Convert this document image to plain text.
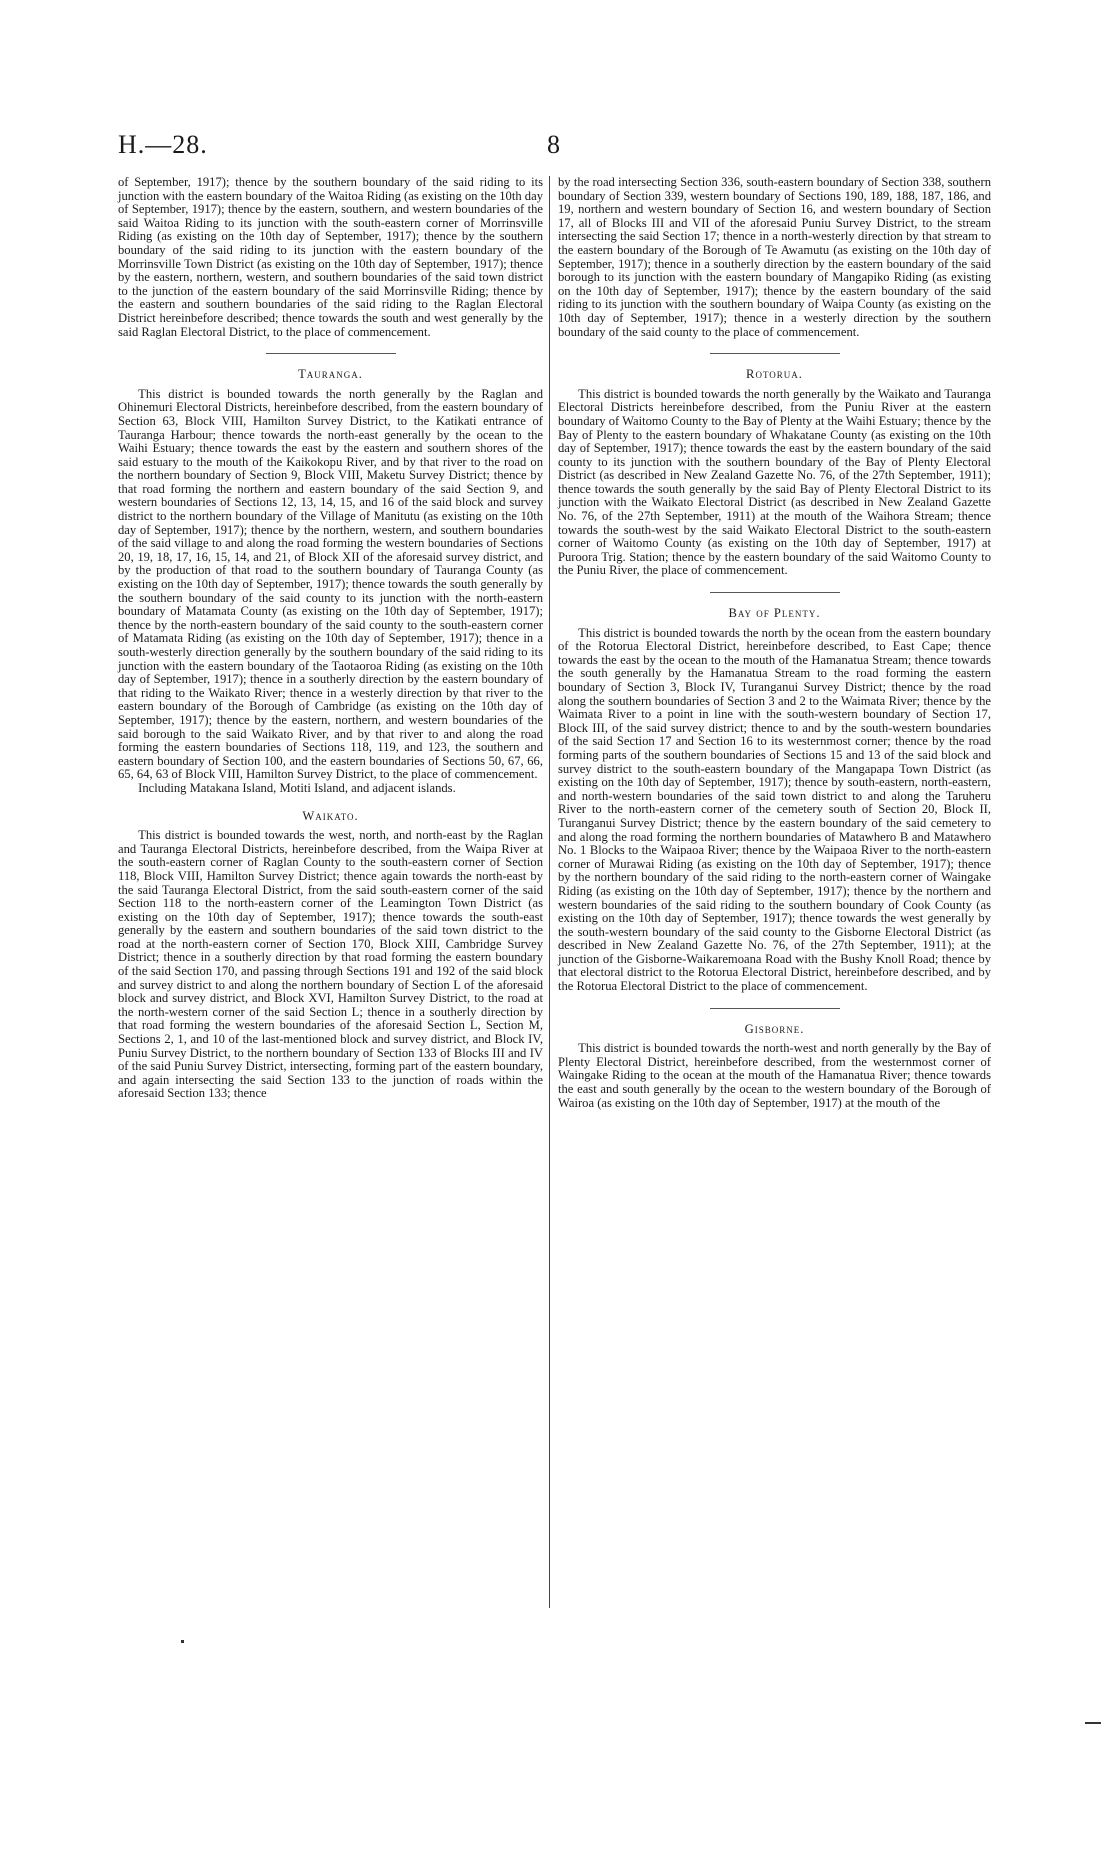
H.—28.	8

of September, 1917); thence by the southern boundary of the said riding to its junction with the eastern boundary of the Waitoa Riding (as existing on the 10th day of September, 1917); thence by the eastern, southern, and western boundaries of the said Waitoa Riding to its junction with the south-eastern corner of Morrinsville Riding (as existing on the 10th day of September, 1917); thence by the southern boundary of the said riding to its junction with the eastern boundary of the Morrinsville Town District (as existing on the 10th day of September, 1917); thence by the eastern, northern, western, and southern boundaries of the said town district to the junction of the eastern boundary of the said Morrinsville Riding; thence by the eastern and southern boundaries of the said riding to the Raglan Electoral District hereinbefore described; thence towards the south and west generally by the said Raglan Electoral District, to the place of commencement.

Tauranga.

This district is bounded towards the north generally by the Raglan and Ohinemuri Electoral Districts, hereinbefore described, from the eastern boundary of Section 63, Block VIII, Hamilton Survey District, to the Katikati entrance of Tauranga Harbour; thence towards the north-east generally by the ocean to the Waihi Estuary; thence towards the east by the eastern and southern shores of the said estuary to the mouth of the Kaikokopu River, and by that river to the road on the northern boundary of Section 9, Block VIII, Maketu Survey District; thence by that road forming the northern and eastern boundary of the said Section 9, and western boundaries of Sections 12, 13, 14, 15, and 16 of the said block and survey district to the northern boundary of the Village of Manitutu (as existing on the 10th day of September, 1917); thence by the northern, western, and southern boundaries of the said village to and along the road forming the western boundaries of Sections 20, 19, 18, 17, 16, 15, 14, and 21, of Block XII of the aforesaid survey district, and by the production of that road to the southern boundary of Tauranga County (as existing on the 10th day of September, 1917); thence towards the south generally by the southern boundary of the said county to its junction with the north-eastern boundary of Matamata County (as existing on the 10th day of September, 1917); thence by the north-eastern boundary of the said county to the south-eastern corner of Matamata Riding (as existing on the 10th day of September, 1917); thence in a south-westerly direction generally by the southern boundary of the said riding to its junction with the eastern boundary of the Taotaoroa Riding (as existing on the 10th day of September, 1917); thence in a southerly direction by the eastern boundary of that riding to the Waikato River; thence in a westerly direction by that river to the eastern boundary of the Borough of Cambridge (as existing on the 10th day of September, 1917); thence by the eastern, northern, and western boundaries of the said borough to the said Waikato River, and by that river to and along the road forming the eastern boundaries of Sections 118, 119, and 123, the southern and eastern boundary of Section 100, and the eastern boundaries of Sections 50, 67, 66, 65, 64, 63 of Block VIII, Hamilton Survey District, to the place of commencement.

Including Matakana Island, Motiti Island, and adjacent islands.

Waikato.

This district is bounded towards the west, north, and north-east by the Raglan and Tauranga Electoral Districts, hereinbefore described, from the Waipa River at the south-eastern corner of Raglan County to the south-eastern corner of Section 118, Block VIII, Hamilton Survey District; thence again towards the north-east by the said Tauranga Electoral District, from the said south-eastern corner of the said Section 118 to the north-eastern corner of the Leamington Town District (as existing on the 10th day of September, 1917); thence towards the south-east generally by the eastern and southern boundaries of the said town district to the road at the north-eastern corner of Section 170, Block XIII, Cambridge Survey District; thence in a southerly direction by that road forming the eastern boundary of the said Section 170, and passing through Sections 191 and 192 of the said block and survey district to and along the northern boundary of Section L of the aforesaid block and survey district, and Block XVI, Hamilton Survey District, to the road at the north-western corner of the said Section L; thence in a southerly direction by that road forming the western boundaries of the aforesaid Section L, Section M, Sections 2, 1, and 10 of the last-mentioned block and survey district, and Block IV, Puniu Survey District, to the northern boundary of Section 133 of Blocks III and IV of the said Puniu Survey District, intersecting, forming part of the eastern boundary, and again intersecting the said Section 133 to the junction of roads within the aforesaid Section 133; thence

by the road intersecting Section 336, south-eastern boundary of Section 338, southern boundary of Section 339, western boundary of Sections 190, 189, 188, 187, 186, and 19, northern and western boundary of Section 16, and western boundary of Section 17, all of Blocks III and VII of the aforesaid Puniu Survey District, to the stream intersecting the said Section 17; thence in a north-westerly direction by that stream to the eastern boundary of the Borough of Te Awamutu (as existing on the 10th day of September, 1917); thence in a southerly direction by the eastern boundary of the said borough to its junction with the eastern boundary of Mangapiko Riding (as existing on the 10th day of September, 1917); thence by the eastern boundary of the said riding to its junction with the southern boundary of Waipa County (as existing on the 10th day of September, 1917); thence in a westerly direction by the southern boundary of the said county to the place of commencement.

Rotorua.

This district is bounded towards the north generally by the Waikato and Tauranga Electoral Districts hereinbefore described, from the Puniu River at the eastern boundary of Waitomo County to the Bay of Plenty at the Waihi Estuary; thence by the Bay of Plenty to the eastern boundary of Whakatane County (as existing on the 10th day of September, 1917); thence towards the east by the eastern boundary of the said county to its junction with the southern boundary of the Bay of Plenty Electoral District (as described in New Zealand Gazette No. 76, of the 27th September, 1911); thence towards the south generally by the said Bay of Plenty Electoral District to its junction with the Waikato Electoral District (as described in New Zealand Gazette No. 76, of the 27th September, 1911) at the mouth of the Waihora Stream; thence towards the south-west by the said Waikato Electoral District to the south-eastern corner of Waitomo County (as existing on the 10th day of September, 1917) at Puroora Trig. Station; thence by the eastern boundary of the said Waitomo County to the Puniu River, the place of commencement.

Bay of Plenty.

This district is bounded towards the north by the ocean from the eastern boundary of the Rotorua Electoral District, hereinbefore described, to East Cape; thence towards the east by the ocean to the mouth of the Hamanatua Stream; thence towards the south generally by the Hamanatua Stream to the road forming the eastern boundary of Section 3, Block IV, Turanganui Survey District; thence by the road along the southern boundaries of Section 3 and 2 to the Waimata River; thence by the Waimata River to a point in line with the south-western boundary of Section 17, Block III, of the said survey district; thence to and by the south-western boundaries of the said Section 17 and Section 16 to its westernmost corner; thence by the road forming parts of the southern boundaries of Sections 15 and 13 of the said block and survey district to the south-eastern boundary of the Mangapapa Town District (as existing on the 10th day of September, 1917); thence by south-eastern, north-eastern, and north-western boundaries of the said town district to and along the Taruheru River to the north-eastern corner of the cemetery south of Section 20, Block II, Turanganui Survey District; thence by the eastern boundary of the said cemetery to and along the road forming the northern boundaries of Matawhero B and Matawhero No. 1 Blocks to the Waipaoa River; thence by the Waipaoa River to the north-eastern corner of Murawai Riding (as existing on the 10th day of September, 1917); thence by the northern boundary of the said riding to the north-eastern corner of Waingake Riding (as existing on the 10th day of September, 1917); thence by the northern and western boundaries of the said riding to the southern boundary of Cook County (as existing on the 10th day of September, 1917); thence towards the west generally by the south-western boundary of the said county to the Gisborne Electoral District (as described in New Zealand Gazette No. 76, of the 27th September, 1911); at the junction of the Gisborne-Waikaremoana Road with the Bushy Knoll Road; thence by that electoral district to the Rotorua Electoral District, hereinbefore described, and by the Rotorua Electoral District to the place of commencement.

Gisborne.

This district is bounded towards the north-west and north generally by the Bay of Plenty Electoral District, hereinbefore described, from the westernmost corner of Waingake Riding to the ocean at the mouth of the Hamanatua River; thence towards the east and south generally by the ocean to the western boundary of the Borough of Wairoa (as existing on the 10th day of September, 1917) at the mouth of the
